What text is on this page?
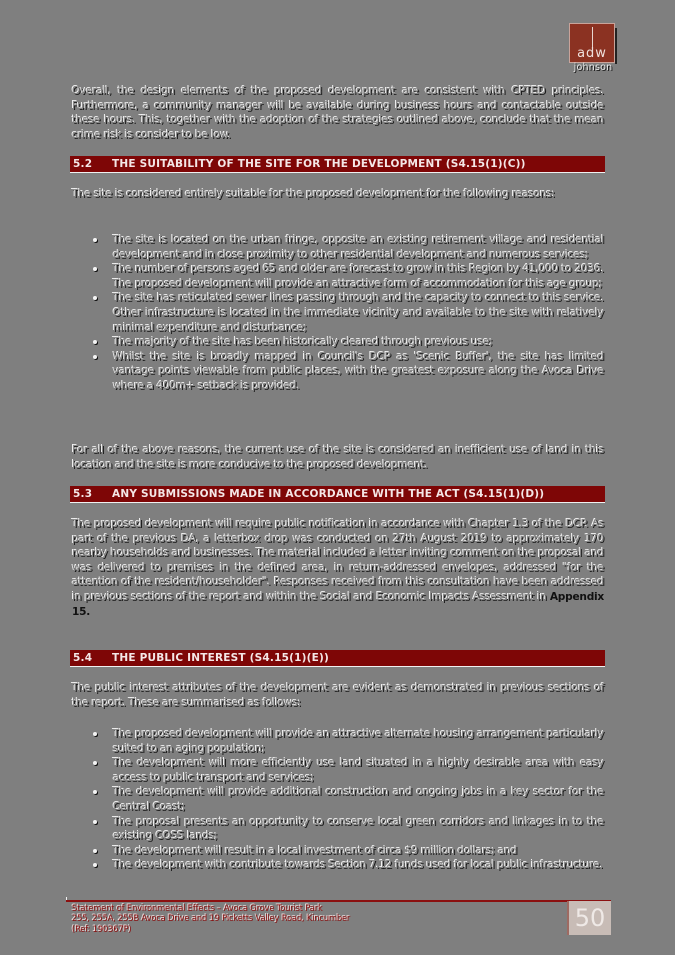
adw
johnson
Overall, the design elements of the proposed development are consistent with CPTED principles. Furthermore, a community manager will be available during business hours and contactable outside these hours. This, together with the adoption of the strategies outlined above, conclude that the mean crime risk is consider to be low.
5.2 THE SUITABILITY OF THE SITE FOR THE DEVELOPMENT (S4.15(1)(C))
The site is considered entirely suitable for the proposed development for the following reasons:
The site is located on the urban fringe, opposite an existing retirement village and residential development and in close proximity to other residential development and numerous services;
The number of persons aged 65 and older are forecast to grow in this Region by 41,000 to 2036. The proposed development will provide an attractive form of accommodation for this age group;
The site has reticulated sewer lines passing through and the capacity to connect to this service. Other infrastructure is located in the immediate vicinity and available to the site with relatively minimal expenditure and disturbance;
The majority of the site has been historically cleared through previous use;
Whilst the site is broadly mapped in Council's DCP as 'Scenic Buffer', the site has limited vantage points viewable from public places, with the greatest exposure along the Avoca Drive where a 400m+ setback is provided.
For all of the above reasons, the current use of the site is considered an inefficient use of land in this location and the site is more conducive to the proposed development.
5.3 ANY SUBMISSIONS MADE IN ACCORDANCE WITH THE ACT (S4.15(1)(D))
The proposed development will require public notification in accordance with Chapter 1.3 of the DCP. As part of the previous DA, a letterbox drop was conducted on 27th August 2019 to approximately 170 nearby households and businesses. The material included a letter inviting comment on the proposal and was delivered to premises in the defined area, in return-addressed envelopes, addressed "for the attention of the resident/householder". Responses received from this consultation have been addressed in previous sections of the report and within the Social and Economic Impacts Assessment in Appendix 15.
5.4 THE PUBLIC INTEREST (S4.15(1)(E))
The public interest attributes of the development are evident as demonstrated in previous sections of the report. These are summarised as follows:
The proposed development will provide an attractive alternate housing arrangement particularly suited to an aging population;
The development will more efficiently use land situated in a highly desirable area with easy access to public transport and services;
The development will provide additional construction and ongoing jobs in a key sector for the Central Coast;
The proposal presents an opportunity to conserve local green corridors and linkages in to the existing COSS lands;
The development will result in a local investment of circa $9 million dollars; and
The development with contribute towards Section 7.12 funds used for local public infrastructure.
Statement of Environmental Effects – Avoca Grove Tourist Park
255, 255A, 255B Avoca Drive and 19 Picketts Valley Road, Kincumber
(Ref: 190367P)	50
